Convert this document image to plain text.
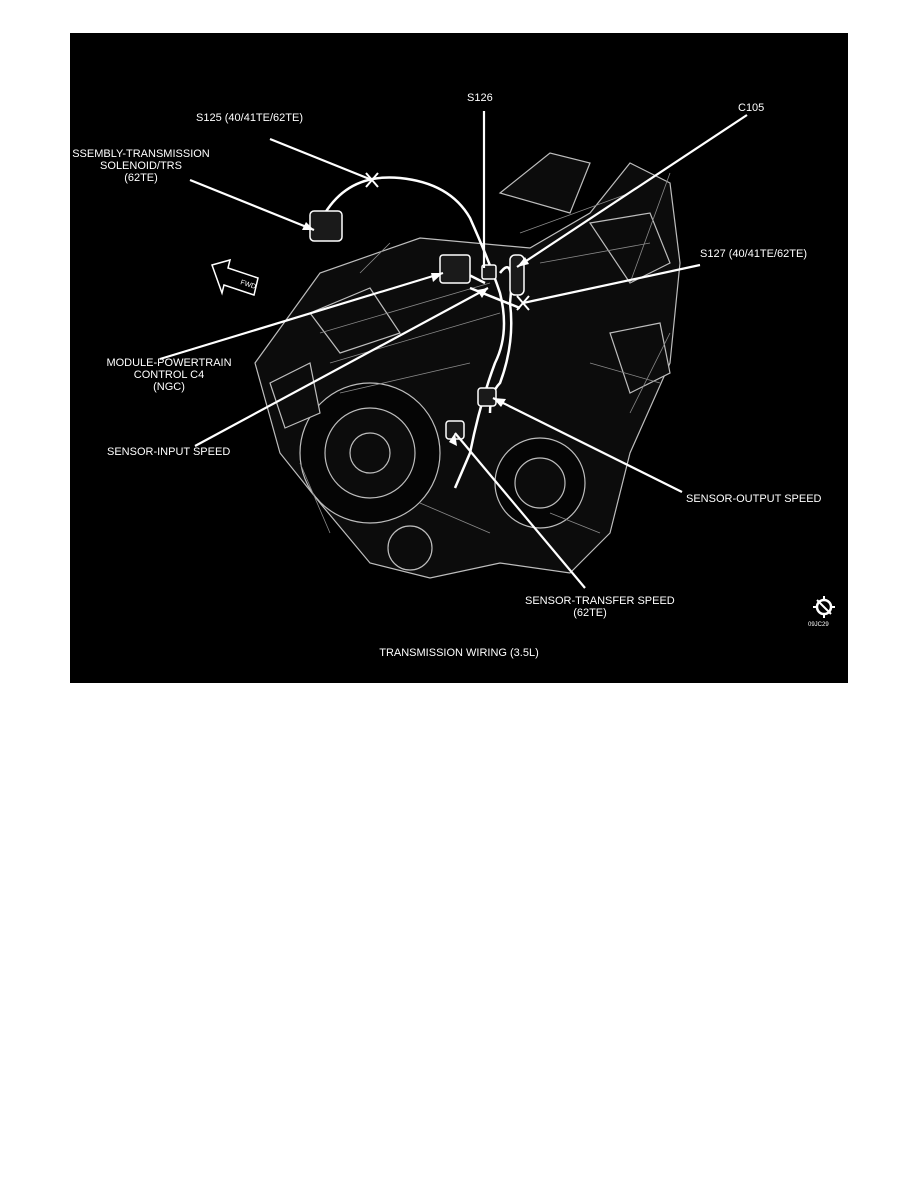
FWD
S125 (40/41TE/62TE)
S126
C105
SSEMBLY-TRANSMISSION
SOLENOID/TRS
(62TE)
S127 (40/41TE/62TE)
MODULE-POWERTRAIN
CONTROL C4
(NGC)
SENSOR-INPUT SPEED
SENSOR-OUTPUT SPEED
SENSOR-TRANSFER SPEED
(62TE)
09JC29
TRANSMISSION WIRING (3.5L)
